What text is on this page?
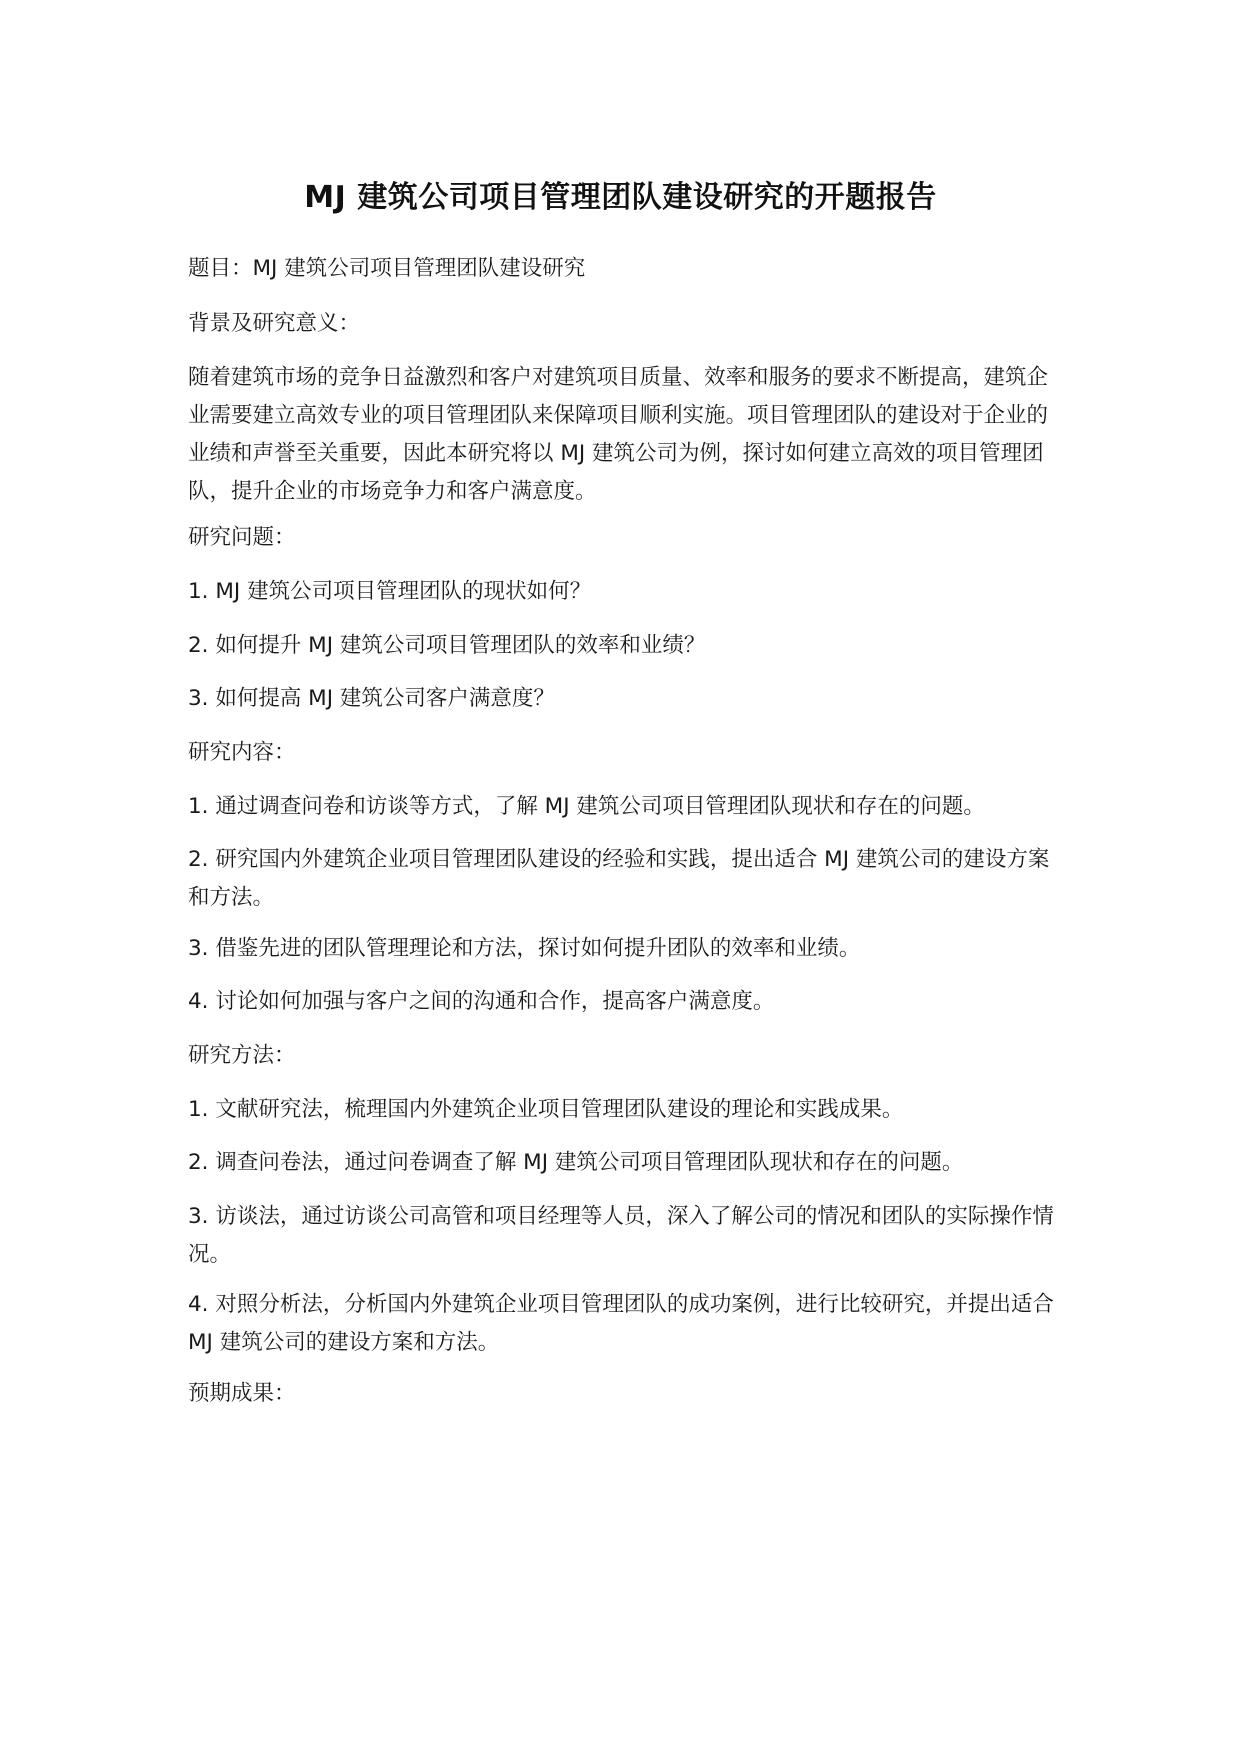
MJ 建筑公司项目管理团队建设研究的开题报告
题目：MJ 建筑公司项目管理团队建设研究
背景及研究意义：
随着建筑市场的竞争日益激烈和客户对建筑项目质量、效率和服务的要求不断提高，建筑企业需要建立高效专业的项目管理团队来保障项目顺利实施。项目管理团队的建设对于企业的业绩和声誉至关重要，因此本研究将以 MJ 建筑公司为例，探讨如何建立高效的项目管理团队，提升企业的市场竞争力和客户满意度。
研究问题：
1. MJ 建筑公司项目管理团队的现状如何？
2. 如何提升 MJ 建筑公司项目管理团队的效率和业绩？
3. 如何提高 MJ 建筑公司客户满意度？
研究内容：
1. 通过调查问卷和访谈等方式，了解 MJ 建筑公司项目管理团队现状和存在的问题。
2. 研究国内外建筑企业项目管理团队建设的经验和实践，提出适合 MJ 建筑公司的建设方案和方法。
3. 借鉴先进的团队管理理论和方法，探讨如何提升团队的效率和业绩。
4. 讨论如何加强与客户之间的沟通和合作，提高客户满意度。
研究方法：
1. 文献研究法，梳理国内外建筑企业项目管理团队建设的理论和实践成果。
2. 调查问卷法，通过问卷调查了解 MJ 建筑公司项目管理团队现状和存在的问题。
3. 访谈法，通过访谈公司高管和项目经理等人员，深入了解公司的情况和团队的实际操作情况。
4. 对照分析法，分析国内外建筑企业项目管理团队的成功案例，进行比较研究，并提出适合 MJ 建筑公司的建设方案和方法。
预期成果：
